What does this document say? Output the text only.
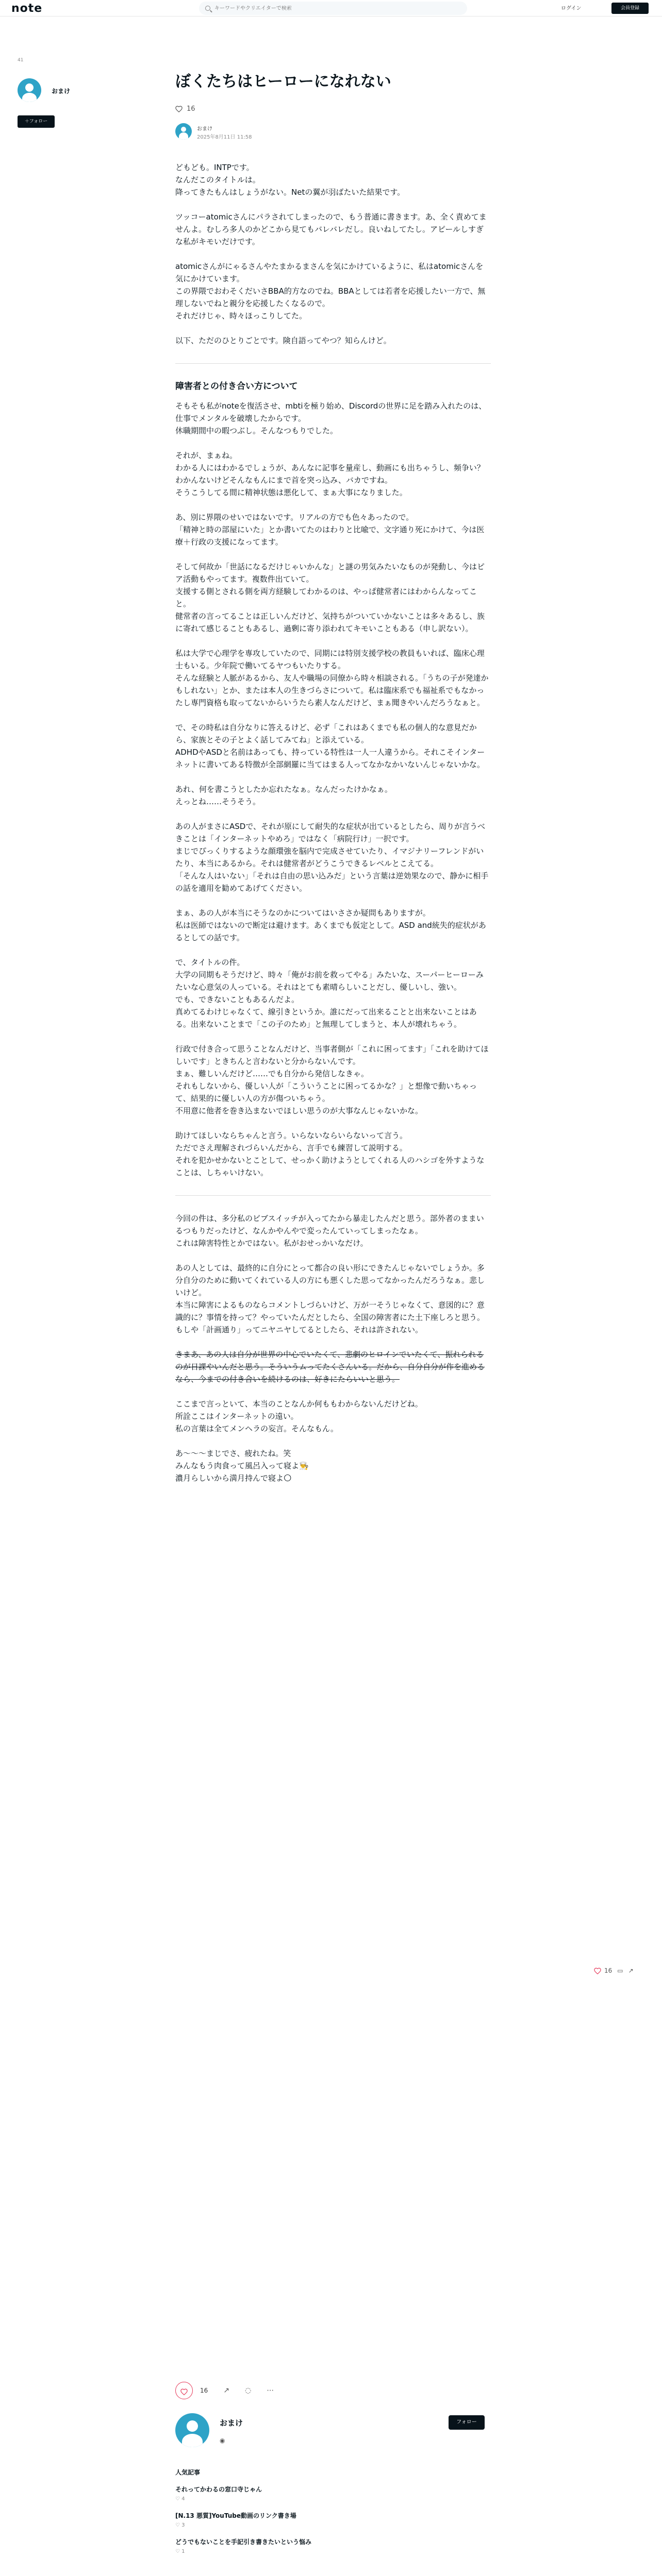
note
キーワードやクリエイターで検索	ログイン	会員登録
41
おまけ
＋フォロー
ぼくたちはヒーローになれない
16
おまけ
2025年8月11日 11:58

どもども。INTPです。

なんだこのタイトルは。

降ってきたもんはしょうがない。Netの翼が羽ばたいた結果です。

ツッコーatomicさんにパラされてしまったので、もう普通に書きます。あ、全く責めてませんよ。むしろ多人のかどこから見てもバレバレだし。良いねしてたし。アピールしすぎな私がキモいだけです。

atomicさんがにゃるさんやたまかるまさんを気にかけているように、私はatomicさんを気にかけています。

この界隈でおわそくだいさBBA的方なのでね。BBAとしては若者を応援したい一方で、無理しないでねと親分を応援したくなるので。

それだけじゃ、時々ほっこりしてた。

以下、ただのひとりごとです。険自語ってやつ？知らんけど。

障害者との付き合い方について

そもそも私がnoteを復活させ、mbtiを極り始め、Discordの世界に足を踏み入れたのは、仕事でメンタルを破壊したからです。

休職期間中の暇つぶし。そんなつもりでした。

それが、まぁね。

わかる人にはわかるでしょうが、あんなに記事を量産し、動画にも出ちゃうし、頻争い？わかんないけどそんなもんにまで首を突っ込み、バカですね。

そうこうしてる間に精神状態は悪化して、まぁ大事になりました。

あ、別に界隈のせいではないです。リアルの方でも色々あったので。

「精神と時の部屋にいた」とか書いてたのはわりと比喩で、文字通り死にかけて、今は医療＋行政の支援になってます。

そして何故か「世話になるだけじゃいかんな」と謎の男気みたいなものが発動し、今はピア活動もやってます。複数件出ていて。

支援する側とされる側を両方経験してわかるのは、やっぱ健常者にはわからんなってこと。

健常者の言ってることは正しいんだけど、気持ちがついていかないことは多々あるし、族に寄れて感じることもあるし、過剰に寄り添われてキモいこともある（申し訳ない）。

私は大学で心理学を専攻していたので、同期には特別支援学校の教員もいれば、臨床心理士もいる。少年院で働いてるヤつもいたりする。

そんな経験と人脈があるから、友人や職場の同僚から時々相談される。「うちの子が発達かもしれない」とか、または本人の生きづらさについて。私は臨床系でも福祉系でもなかったし専門資格も取ってないからいうたら素人なんだけど、まぁ聞きやいんだろうなぁと。

で、その時私は自分なりに答えるけど、必ず「これはあくまでも私の個人的な意見だから、家族とその子とよく話してみてね」と添えている。

ADHDやASDと名前はあっても、持っている特性は一人一人違うから。それこそインターネットに書いてある特徴が全部網羅に当てはまる人ってなかなかいないんじゃないかな。

あれ、何を書こうとしたか忘れたなぁ。なんだったけかなぁ。

えっとね……そうそう。

あの人がまさにASDで、それが原にして耐失的な症状が出ているとしたら、周りが言うべきことは「インターネットやめろ」ではなく「病院行け」一択です。

まじでぴっくりするような顔環強を脳内で完成させていたり、イマジナリーフレンドがいたり、本当にあるから。それは健常者がどうこうできるレベルとこえてる。

「そんな人はいない」「それは自由の思い込みだ」という言葉は逆効果なので、静かに相手の話を適用を勧めてあげてください。

まぁ、あの人が本当にそうなのかについてはいささか疑問もありますが。

私は医師ではないので断定は避けます。あくまでも仮定として。ASD and統失的症状があるとしての話です。

で、タイトルの件。

大学の同期もそうだけど、時々「俺がお前を救ってやる」みたいな、スーパーヒーローみたいな心意気の人っている。それはとても素晴らしいことだし、優しいし、強い。

でも、できないこともあるんだよ。

真めてるわけじゃなくて、線引きというか。誰にだって出来ることと出来ないことはある。出来ないことまで「この子のため」と無理してしまうと、本人が壊れちゃう。

行政で付き合って思うことなんだけど、当事者側が「これに困ってます」「これを助けてほしいです」ときちんと言わないと分からないんです。

まぁ、難しいんだけど……でも自分から発信しなきゃ。

それもしないから、優しい人が「こういうことに困ってるかな？」と想像で動いちゃって、結果的に優しい人の方が傷ついちゃう。

不用意に他者を巻き込まないでほしい思うのが大事なんじゃないかな。

助けてほしいならちゃんと言う。いらないならいらないって言う。

ただでさえ理解されづらいんだから、言手でも練習して説明する。

それを犯かせかないとことして、せっかく助けようとしてくれる人のハシゴを外すようなことは、しちゃいけない。

今回の件は、多分私のビブスイッチが入ってたから暴走したんだと思う。部外者のままいるつもりだったけど、なんかやんやで変ったんていってしまったなぁ。

これは障害特性とかではない。私がおせっかいなだけ。

あの人としては、最終的に自分にとって都合の良い形にできたんじゃないでしょうか。多分自分のために動いてくれている人の方にも悪くした思ってなかったんだろうなぁ。悲しいけど。

本当に障害によるものならコメントしづらいけど、万が一そうじゃなくて、意図的に？意識的に？事情を持って？やっていたんだとしたら、全国の障害者にた土下座しろと思う。

もしや「計画通り」ってニヤニヤしてるとしたら、それは許されない。

きまあ、あの人は自分が世界の中心でいたくて、悲劇のヒロインでいたくて、振れられるのが日課やいんだと思う。そういうムってたくさんいる。だから、自分自分が作を進めるなら、今までの付き合いを続けるのは、好きにたらいいと思う。

ここまで言っといて、本当のことなんか何ももわからないんだけどね。

所詮ここはインターネットの遠い。

私の言葉は全てメンヘラの妄言。そんなもん。

あ〜〜〜まじでさ、疲れたね。笑

みんなもう肉食って風呂入って寝よ👨‍🍳

濃月らしいから満月持んで寝よ🌕

16 ▭ ↗
16 ↗ ◌ ⋯
おまけ
◉
フォロー
人気記事
それってかわるの窓口寺じゃん
♡ 4
[N.13 悪質]YouTube動画のリンク書き場
♡ 3
どうでもないことを手記引き書きたいという悩み
♡ 1
